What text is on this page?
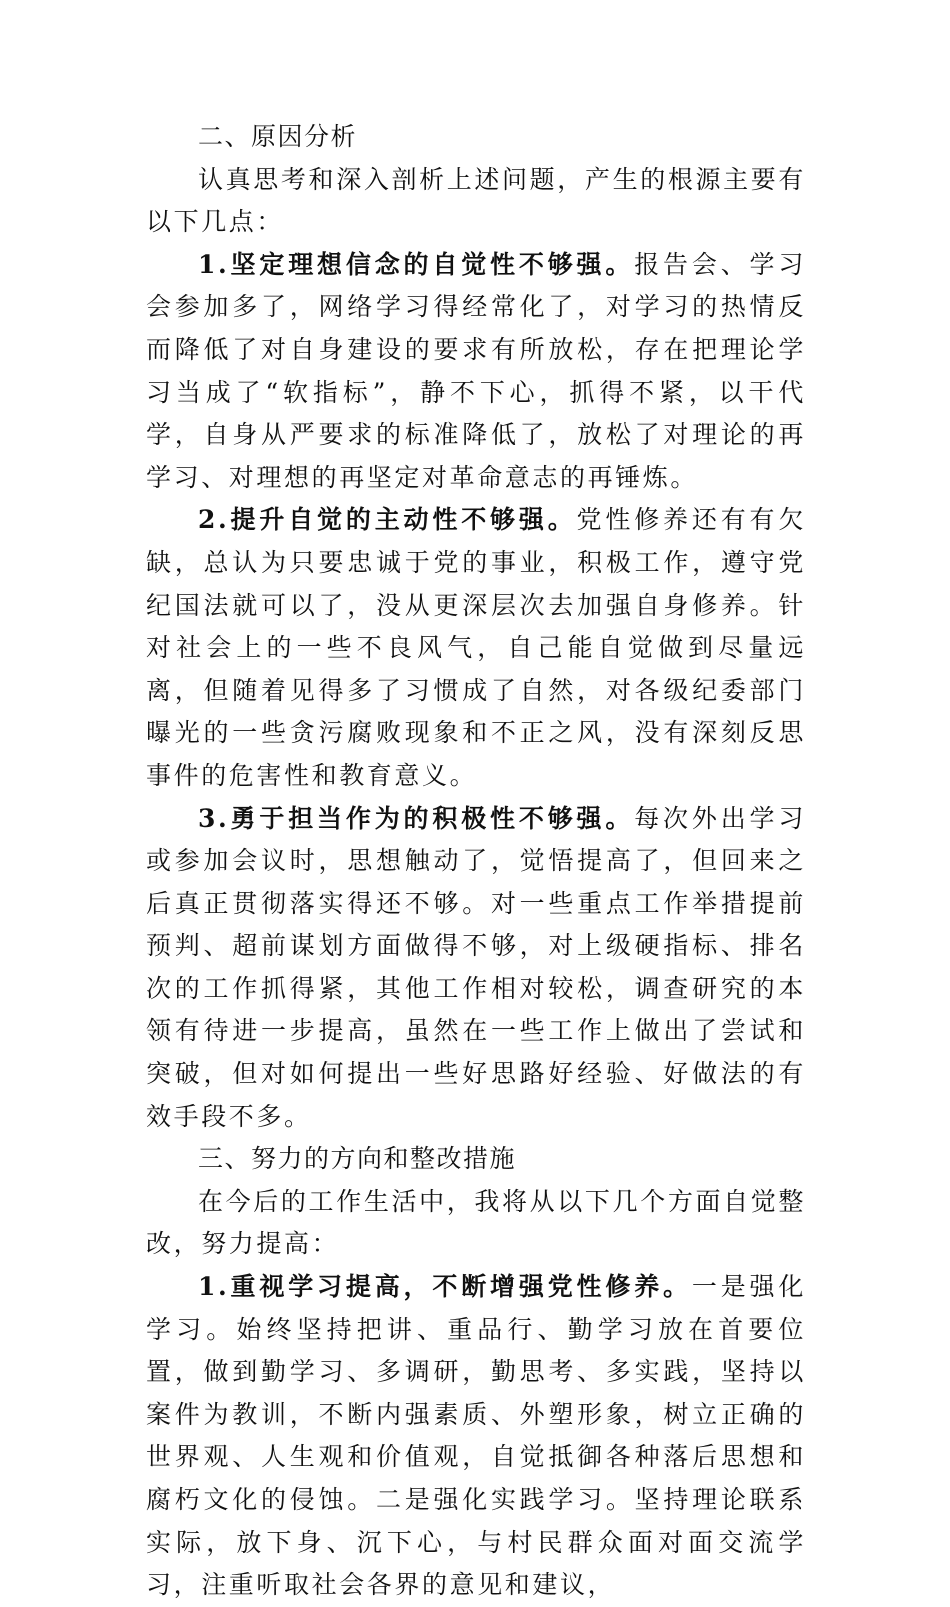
二、原因分析

认真思考和深入剖析上述问题，产生的根源主要有以下几点：

1.坚定理想信念的自觉性不够强。报告会、学习会参加多了，网络学习得经常化了，对学习的热情反而降低了对自身建设的要求有所放松，存在把理论学习当成了“软指标”，静不下心，抓得不紧，以干代学，自身从严要求的标准降低了，放松了对理论的再学习、对理想的再坚定对革命意志的再锤炼。

2.提升自觉的主动性不够强。党性修养还有有欠缺，总认为只要忠诚于党的事业，积极工作，遵守党纪国法就可以了，没从更深层次去加强自身修养。针对社会上的一些不良风气，自己能自觉做到尽量远离，但随着见得多了习惯成了自然，对各级纪委部门曝光的一些贪污腐败现象和不正之风，没有深刻反思事件的危害性和教育意义。

3.勇于担当作为的积极性不够强。每次外出学习或参加会议时，思想触动了，觉悟提高了，但回来之后真正贯彻落实得还不够。对一些重点工作举措提前预判、超前谋划方面做得不够，对上级硬指标、排名次的工作抓得紧，其他工作相对较松，调查研究的本领有待进一步提高，虽然在一些工作上做出了尝试和突破，但对如何提出一些好思路好经验、好做法的有效手段不多。

三、努力的方向和整改措施

在今后的工作生活中，我将从以下几个方面自觉整改，努力提高：

1.重视学习提高，不断增强党性修养。一是强化学习。始终坚持把讲、重品行、勤学习放在首要位置，做到勤学习、多调研，勤思考、多实践，坚持以案件为教训，不断内强素质、外塑形象，树立正确的世界观、人生观和价值观，自觉抵御各种落后思想和腐朽文化的侵蚀。二是强化实践学习。坚持理论联系实际，放下身、沉下心，与村民群众面对面交流学习，注重听取社会各界的意见和建议，
